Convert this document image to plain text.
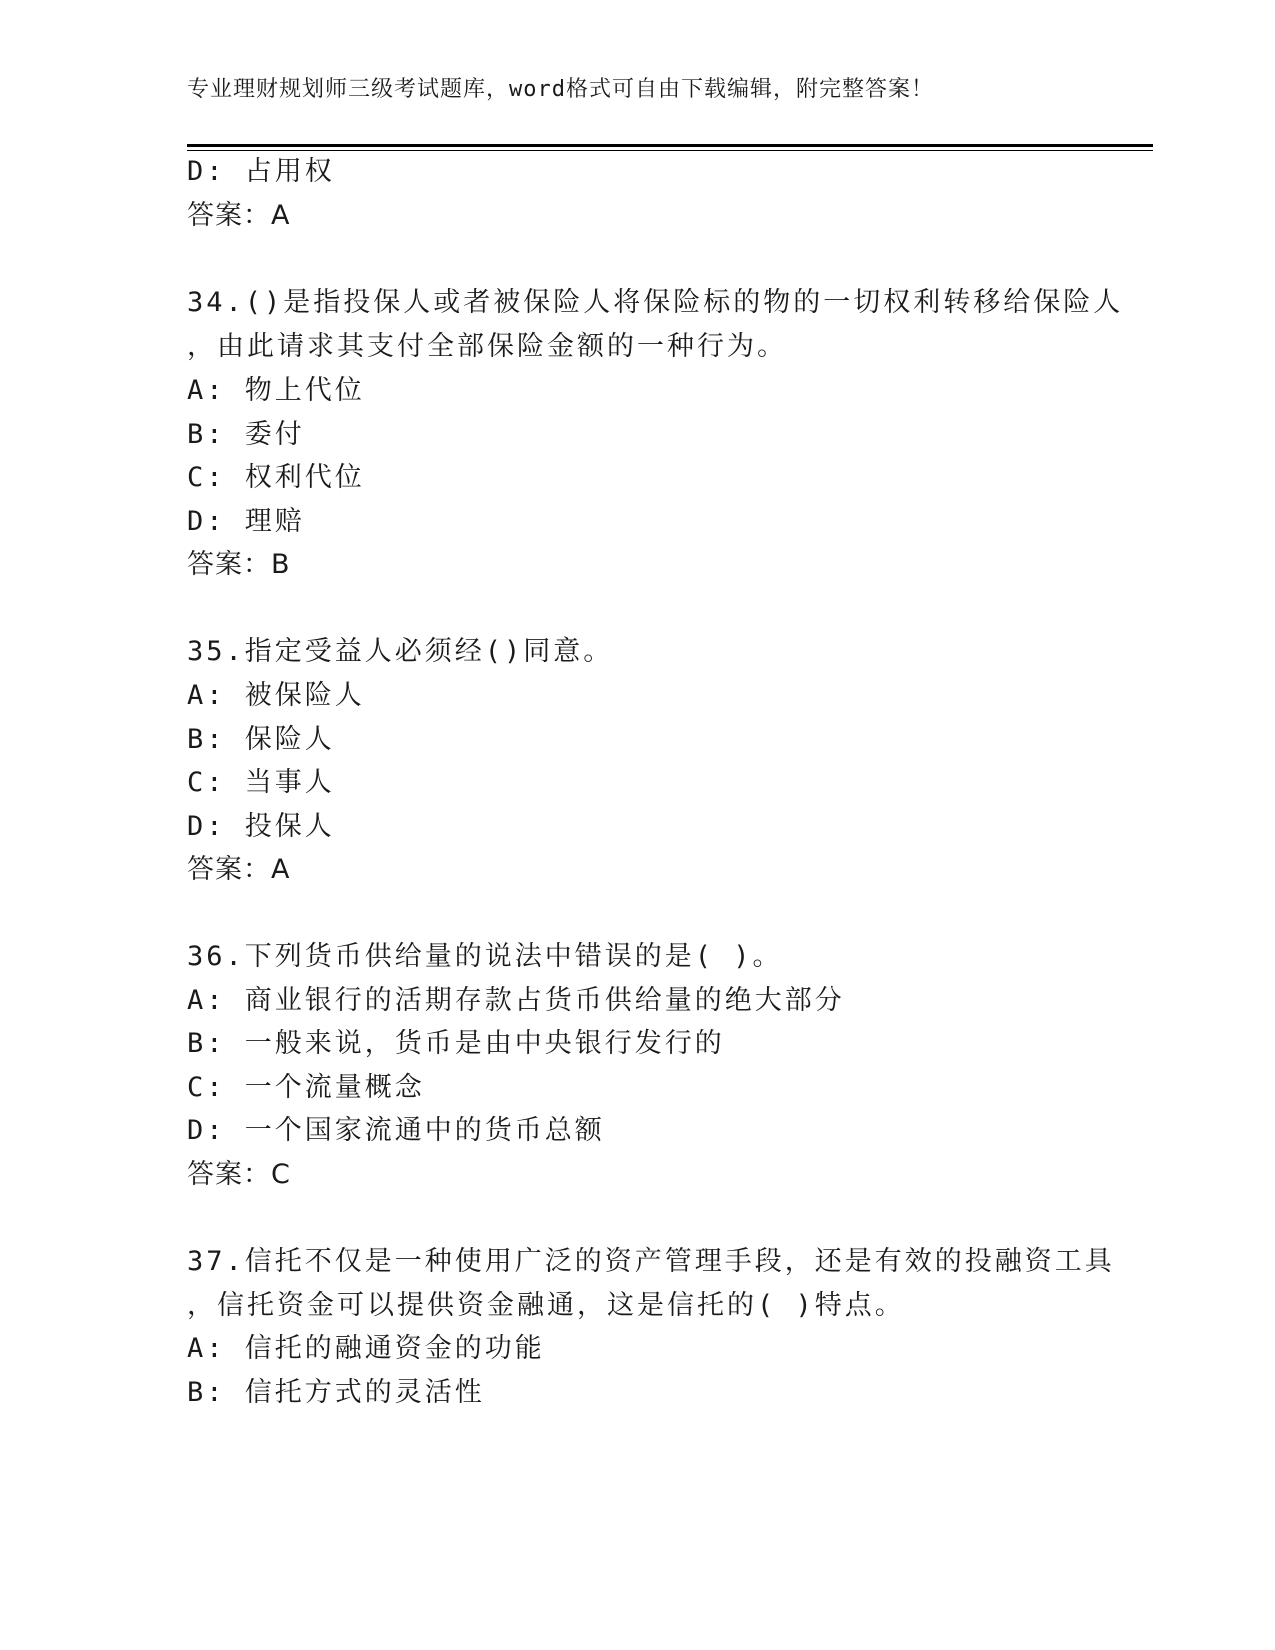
专业理财规划师三级考试题库，word格式可自由下载编辑，附完整答案！
D: 占用权
答案：A
34.()是指投保人或者被保险人将保险标的物的一切权利转移给保险人
，由此请求其支付全部保险金额的一种行为。
A: 物上代位
B: 委付
C: 权利代位
D: 理赔
答案：B
35.指定受益人必须经()同意。
A: 被保险人
B: 保险人
C: 当事人
D: 投保人
答案：A
36.下列货币供给量的说法中错误的是( )。
A: 商业银行的活期存款占货币供给量的绝大部分
B: 一般来说，货币是由中央银行发行的
C: 一个流量概念
D: 一个国家流通中的货币总额
答案：C
37.信托不仅是一种使用广泛的资产管理手段，还是有效的投融资工具
，信托资金可以提供资金融通，这是信托的( )特点。
A: 信托的融通资金的功能
B: 信托方式的灵活性
